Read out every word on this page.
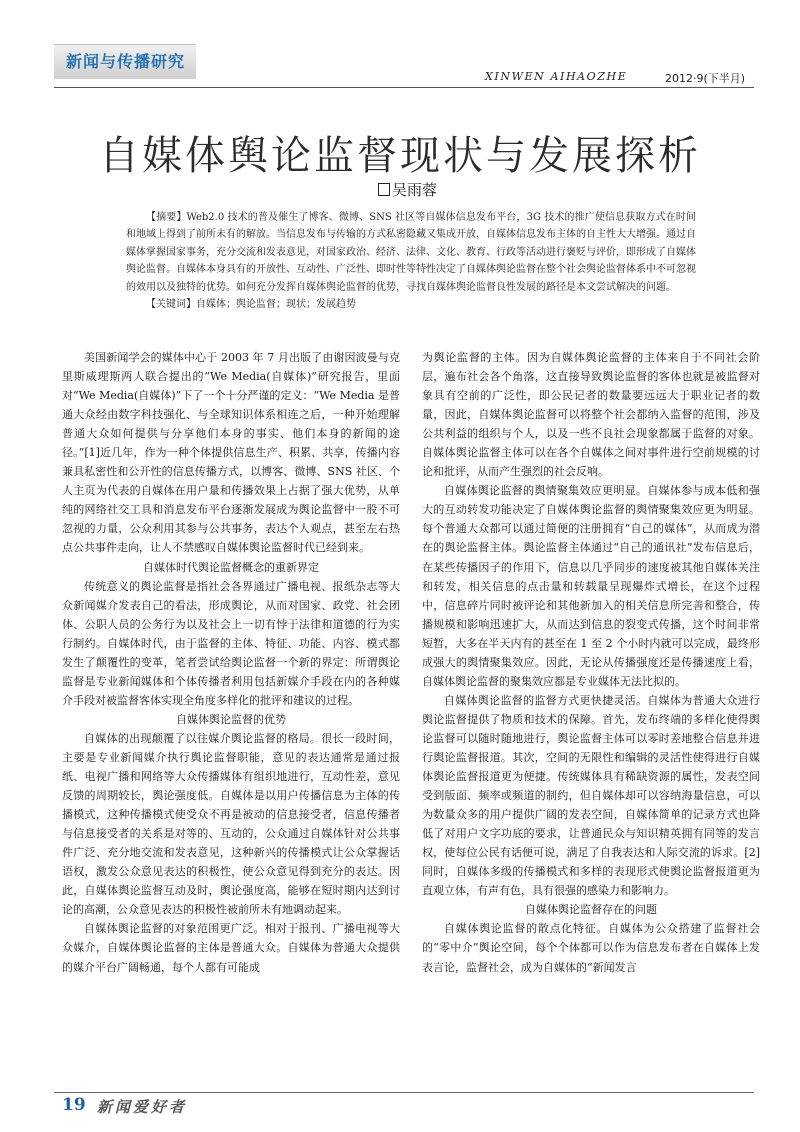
新闻与传播研究
XINWEN AIHAOZHE	2012·9(下半月)
自媒体舆论监督现状与发展探析
吴雨蓉

【摘要】Web2.0 技术的普及催生了博客、微博、SNS 社区等自媒体信息发布平台，3G 技术的推广使信息获取方式在时间和地域上得到了前所未有的解放。当信息发布与传输的方式私密隐藏又集成开放，自媒体信息发布主体的自主性大大增强。通过自媒体掌握国家事务，充分交流和发表意见，对国家政治、经济、法律、文化、教育、行政等活动进行褒贬与评价，即形成了自媒体舆论监督。自媒体本身具有的开放性、互动性、广泛性、即时性等特性决定了自媒体舆论监督在整个社会舆论监督体系中不可忽视的效用以及独特的优势。如何充分发挥自媒体舆论监督的优势，寻找自媒体舆论监督良性发展的路径是本文尝试解决的问题。

【关键词】自媒体；舆论监督；现状；发展趋势

美国新闻学会的媒体中心于 2003 年 7 月出版了由谢因波曼与克里斯威理斯两人联合提出的“We Media(自媒体)”研究报告，里面对“We Media(自媒体)”下了一个十分严谨的定义：“We Media 是普通大众经由数字科技强化、与全球知识体系相连之后，一种开始理解普通大众如何提供与分享他们本身的事实、他们本身的新闻的途径。”[1]近几年，作为一种个体提供信息生产、积累、共享，传播内容兼具私密性和公开性的信息传播方式，以博客、微博、SNS 社区、个人主页为代表的自媒体在用户量和传播效果上占据了强大优势，从单纯的网络社交工具和消息发布平台逐渐发展成为舆论监督中一股不可忽视的力量，公众利用其参与公共事务，表达个人观点，甚至左右热点公共事件走向，让人不禁感叹自媒体舆论监督时代已经到来。

自媒体时代舆论监督概念的重新界定

传统意义的舆论监督是指社会各界通过广播电视、报纸杂志等大众新闻媒介发表自己的看法，形成舆论，从而对国家、政党、社会团体、公职人员的公务行为以及社会上一切有悖于法律和道德的行为实行制约。自媒体时代，由于监督的主体、特征、功能、内容、模式都发生了颠覆性的变革，笔者尝试给舆论监督一个新的界定：所谓舆论监督是专业新闻媒体和个体传播者利用包括新媒介手段在内的各种媒介手段对被监督客体实现全角度多样化的批评和建议的过程。

自媒体舆论监督的优势

自媒体的出现颠覆了以往媒介舆论监督的格局。很长一段时间，主要是专业新闻媒介执行舆论监督职能，意见的表达通常是通过报纸、电视广播和网络等大众传播媒体有组织地进行，互动性差，意见反馈的周期较长，舆论强度低。自媒体是以用户传播信息为主体的传播模式，这种传播模式使受众不再是被动的信息接受者，信息传播者与信息接受者的关系是对等的、互动的，公众通过自媒体针对公共事件广泛、充分地交流和发表意见，这种新兴的传播模式让公众掌握话语权，激发公众意见表达的积极性，使公众意见得到充分的表达。因此，自媒体舆论监督互动及时，舆论强度高，能够在短时期内达到讨论的高潮，公众意见表达的积极性被前所未有地调动起来。

自媒体舆论监督的对象范围更广泛。相对于报刊、广播电视等大众媒介，自媒体舆论监督的主体是普通大众。自媒体为普通大众提供的媒介平台广阔畅通，每个人都有可能成

为舆论监督的主体。因为自媒体舆论监督的主体来自于不同社会阶层，遍布社会各个角落，这直接导致舆论监督的客体也就是被监督对象具有空前的广泛性，即公民记者的数量要远远大于职业记者的数量，因此，自媒体舆论监督可以将整个社会都纳入监督的范围，涉及公共利益的组织与个人，以及一些不良社会现象都属于监督的对象。自媒体舆论监督主体可以在各个自媒体之间对事件进行空前规模的讨论和批评，从而产生强烈的社会反响。

自媒体舆论监督的舆情聚集效应更明显。自媒体参与成本低和强大的互动转发功能决定了自媒体舆论监督的舆情聚集效应更为明显。每个普通大众都可以通过简便的注册拥有“自己的媒体”，从而成为潜在的舆论监督主体。舆论监督主体通过“自己的通讯社”发布信息后，在某些传播因子的作用下，信息以几乎同步的速度被其他自媒体关注和转发，相关信息的点击量和转载量呈现爆炸式增长，在这个过程中，信息碎片同时被评论和其他新加入的相关信息所完善和整合，传播规模和影响迅速扩大，从而达到信息的裂变式传播，这个时间非常短暂，大多在半天内有的甚至在 1 至 2 个小时内就可以完成，最终形成强大的舆情聚集效应。因此，无论从传播强度还是传播速度上看，自媒体舆论监督的聚集效应都是专业媒体无法比拟的。

自媒体舆论监督的监督方式更快捷灵活。自媒体为普通大众进行舆论监督提供了物质和技术的保障。首先，发布终端的多样化使得舆论监督可以随时随地进行，舆论监督主体可以零时差地整合信息并进行舆论监督报道。其次，空间的无限性和编辑的灵活性使得进行自媒体舆论监督报道更为便捷。传统媒体具有稀缺资源的属性，发表空间受到版面、频率或频道的制约，但自媒体却可以容纳海量信息，可以为数量众多的用户提供广阔的发表空间，自媒体简单的记录方式也降低了对用户文字功底的要求，让普通民众与知识精英拥有同等的发言权，使每位公民有话便可说，满足了自我表达和人际交流的诉求。[2]同时，自媒体多级的传播模式和多样的表现形式使舆论监督报道更为直观立体，有声有色，具有很强的感染力和影响力。

自媒体舆论监督存在的问题

自媒体舆论监督的散点化特征。自媒体为公众搭建了监督社会的“零中介”舆论空间，每个个体都可以作为信息发布者在自媒体上发表言论，监督社会，成为自媒体的“新闻发言

19 新闻爱好者
